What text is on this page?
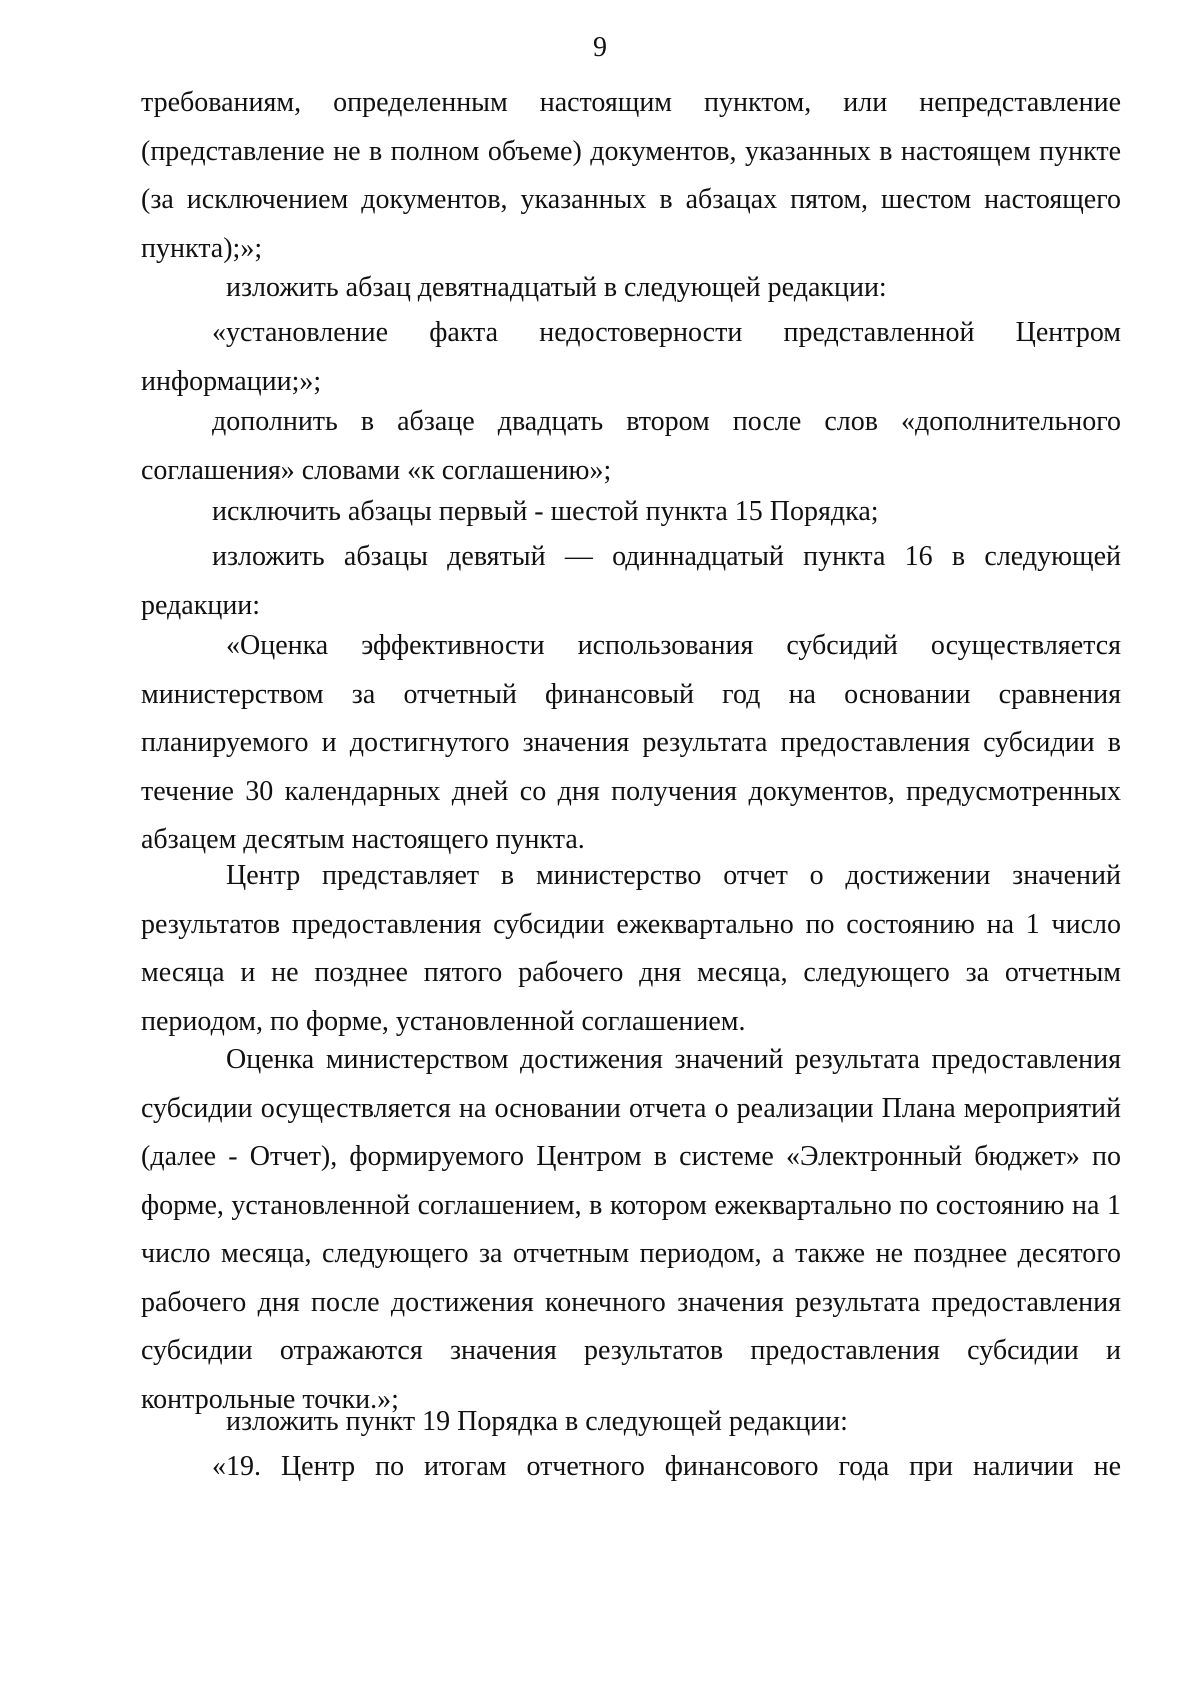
9

требованиям, определенным настоящим пунктом, или непредставление (представление не в полном объеме) документов, указанных в настоящем пункте (за исключением документов, указанных в абзацах пятом, шестом настоящего пункта);»;

изложить абзац девятнадцатый в следующей редакции:

«установление факта недостоверности представленной Центром информации;»;

дополнить в абзаце двадцать втором после слов «дополнительного соглашения» словами «к соглашению»;

исключить абзацы первый - шестой пункта 15 Порядка;

изложить абзацы девятый — одиннадцатый пункта 16 в следующей редакции:

«Оценка эффективности использования субсидий осуществляется министерством за отчетный финансовый год на основании сравнения планируемого и достигнутого значения результата предоставления субсидии в течение 30 календарных дней со дня получения документов, предусмотренных абзацем десятым настоящего пункта.

Центр представляет в министерство отчет о достижении значений результатов предоставления субсидии ежеквартально по состоянию на 1 число месяца и не позднее пятого рабочего дня месяца, следующего за отчетным периодом, по форме, установленной соглашением.

Оценка министерством достижения значений результата предоставления субсидии осуществляется на основании отчета о реализации Плана мероприятий (далее - Отчет), формируемого Центром в системе «Электронный бюджет» по форме, установленной соглашением, в котором ежеквартально по состоянию на 1 число месяца, следующего за отчетным периодом, а также не позднее десятого рабочего дня после достижения конечного значения результата предоставления субсидии отражаются значения результатов предоставления субсидии и контрольные точки.»;

изложить пункт 19 Порядка в следующей редакции:

«19. Центр по итогам отчетного финансового года при наличии не
